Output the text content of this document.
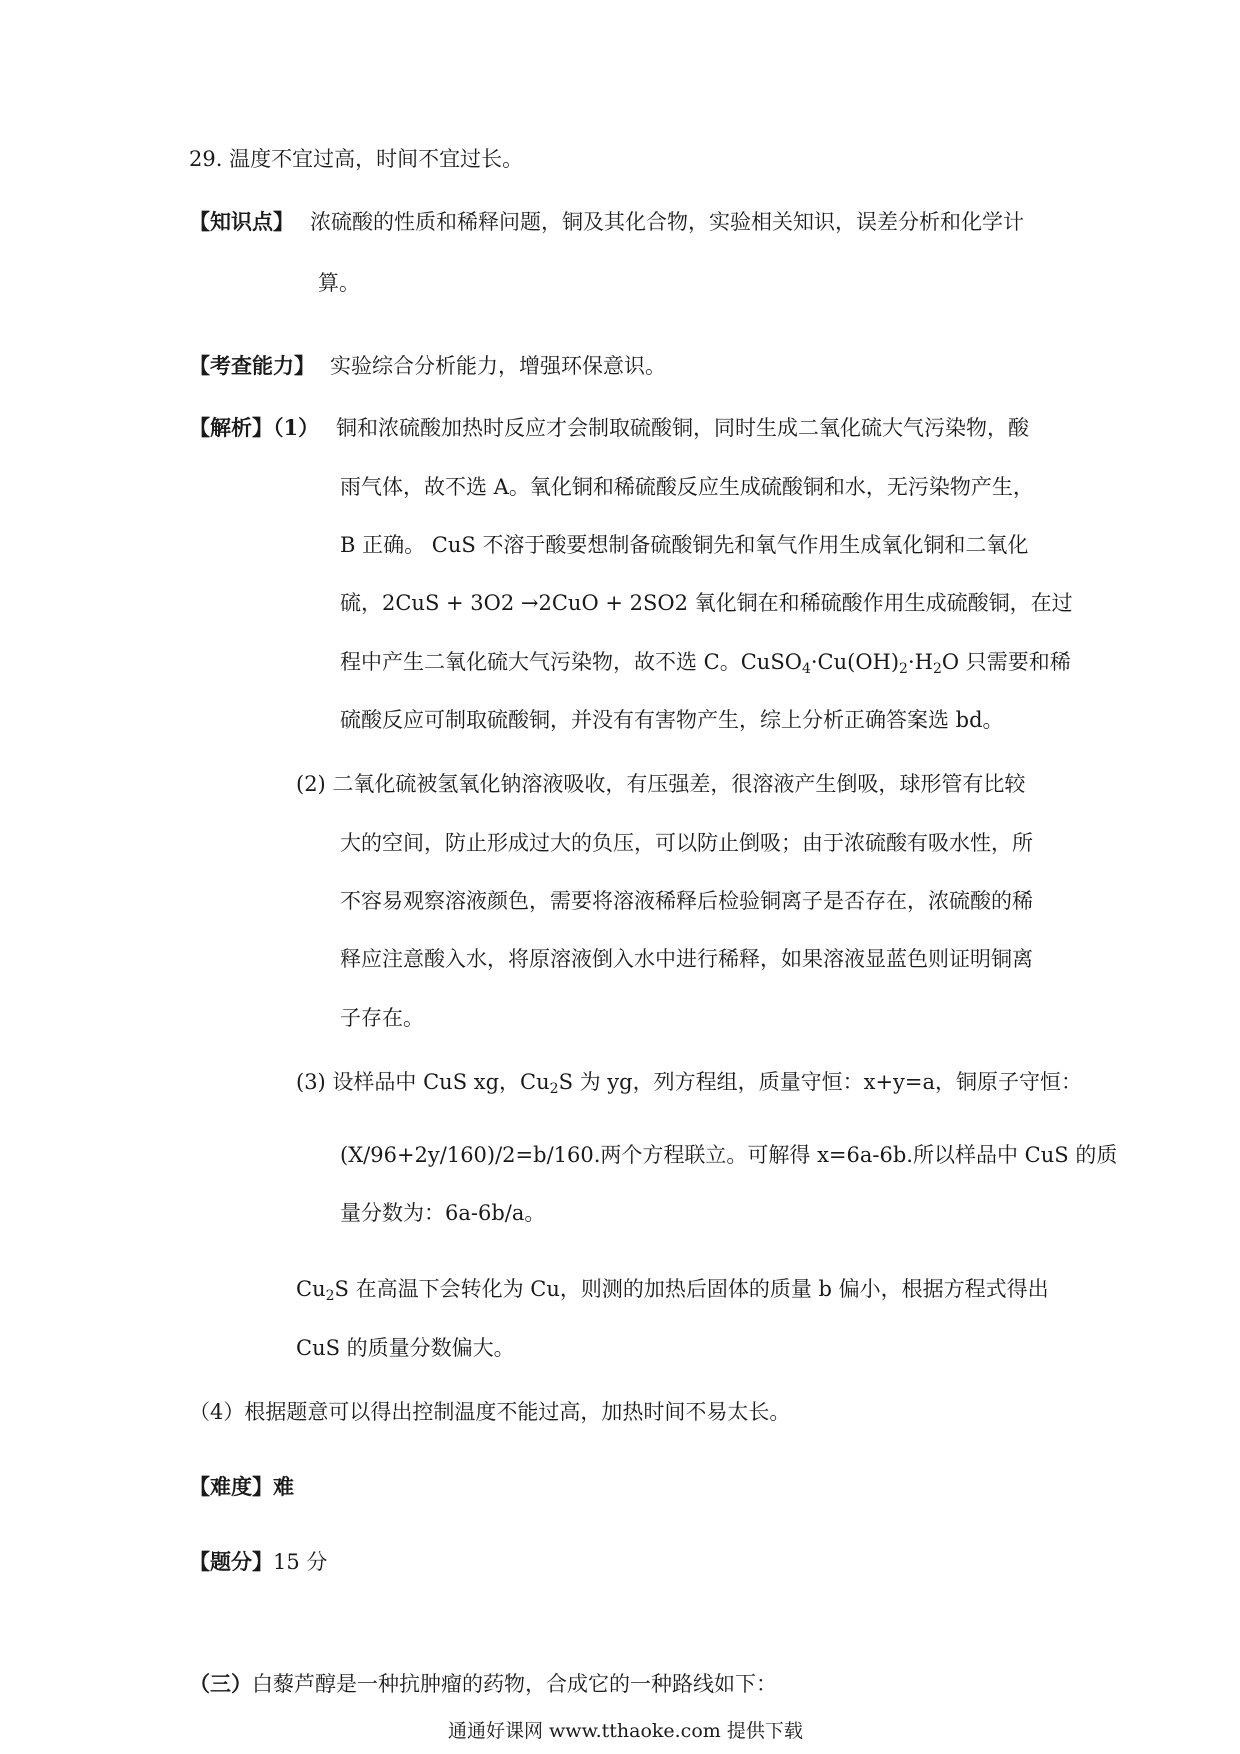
29. 温度不宜过高，时间不宜过长。
【知识点】 浓硫酸的性质和稀释问题，铜及其化合物，实验相关知识，误差分析和化学计
算。
【考查能力】 实验综合分析能力，增强环保意识。
【解析】（1） 铜和浓硫酸加热时反应才会制取硫酸铜，同时生成二氧化硫大气污染物，酸
雨气体，故不选 A。氧化铜和稀硫酸反应生成硫酸铜和水，无污染物产生，
B 正确。 CuS 不溶于酸要想制备硫酸铜先和氧气作用生成氧化铜和二氧化
硫，2CuS + 3O2 →2CuO + 2SO2 氧化铜在和稀硫酸作用生成硫酸铜，在过
程中产生二氧化硫大气污染物，故不选 C。$CuSO_4\cdot Cu(OH)_2\cdot H_2O$ 只需要和稀
硫酸反应可制取硫酸铜，并没有有害物产生，综上分析正确答案选 bd。
(2) 二氧化硫被氢氧化钠溶液吸收，有压强差，很溶液产生倒吸，球形管有比较
大的空间，防止形成过大的负压，可以防止倒吸；由于浓硫酸有吸水性，所
不容易观察溶液颜色，需要将溶液稀释后检验铜离子是否存在，浓硫酸的稀
释应注意酸入水，将原溶液倒入水中进行稀释，如果溶液显蓝色则证明铜离
子存在。
(3) 设样品中 CuS xg，$Cu_2S$ 为 yg，列方程组，质量守恒：x+y=a，铜原子守恒：
(X/96+2y/160)/2=b/160.两个方程联立。可解得 x=6a-6b.所以样品中 CuS 的质
量分数为：6a-6b/a。
$Cu_2S$ 在高温下会转化为 Cu，则测的加热后固体的质量 b 偏小，根据方程式得出
CuS 的质量分数偏大。
（4）根据题意可以得出控制温度不能过高，加热时间不易太长。
【难度】难
【题分】15 分
（三）白藜芦醇是一种抗肿瘤的药物，合成它的一种路线如下：
通通好课网 www.tthaoke.com 提供下载
